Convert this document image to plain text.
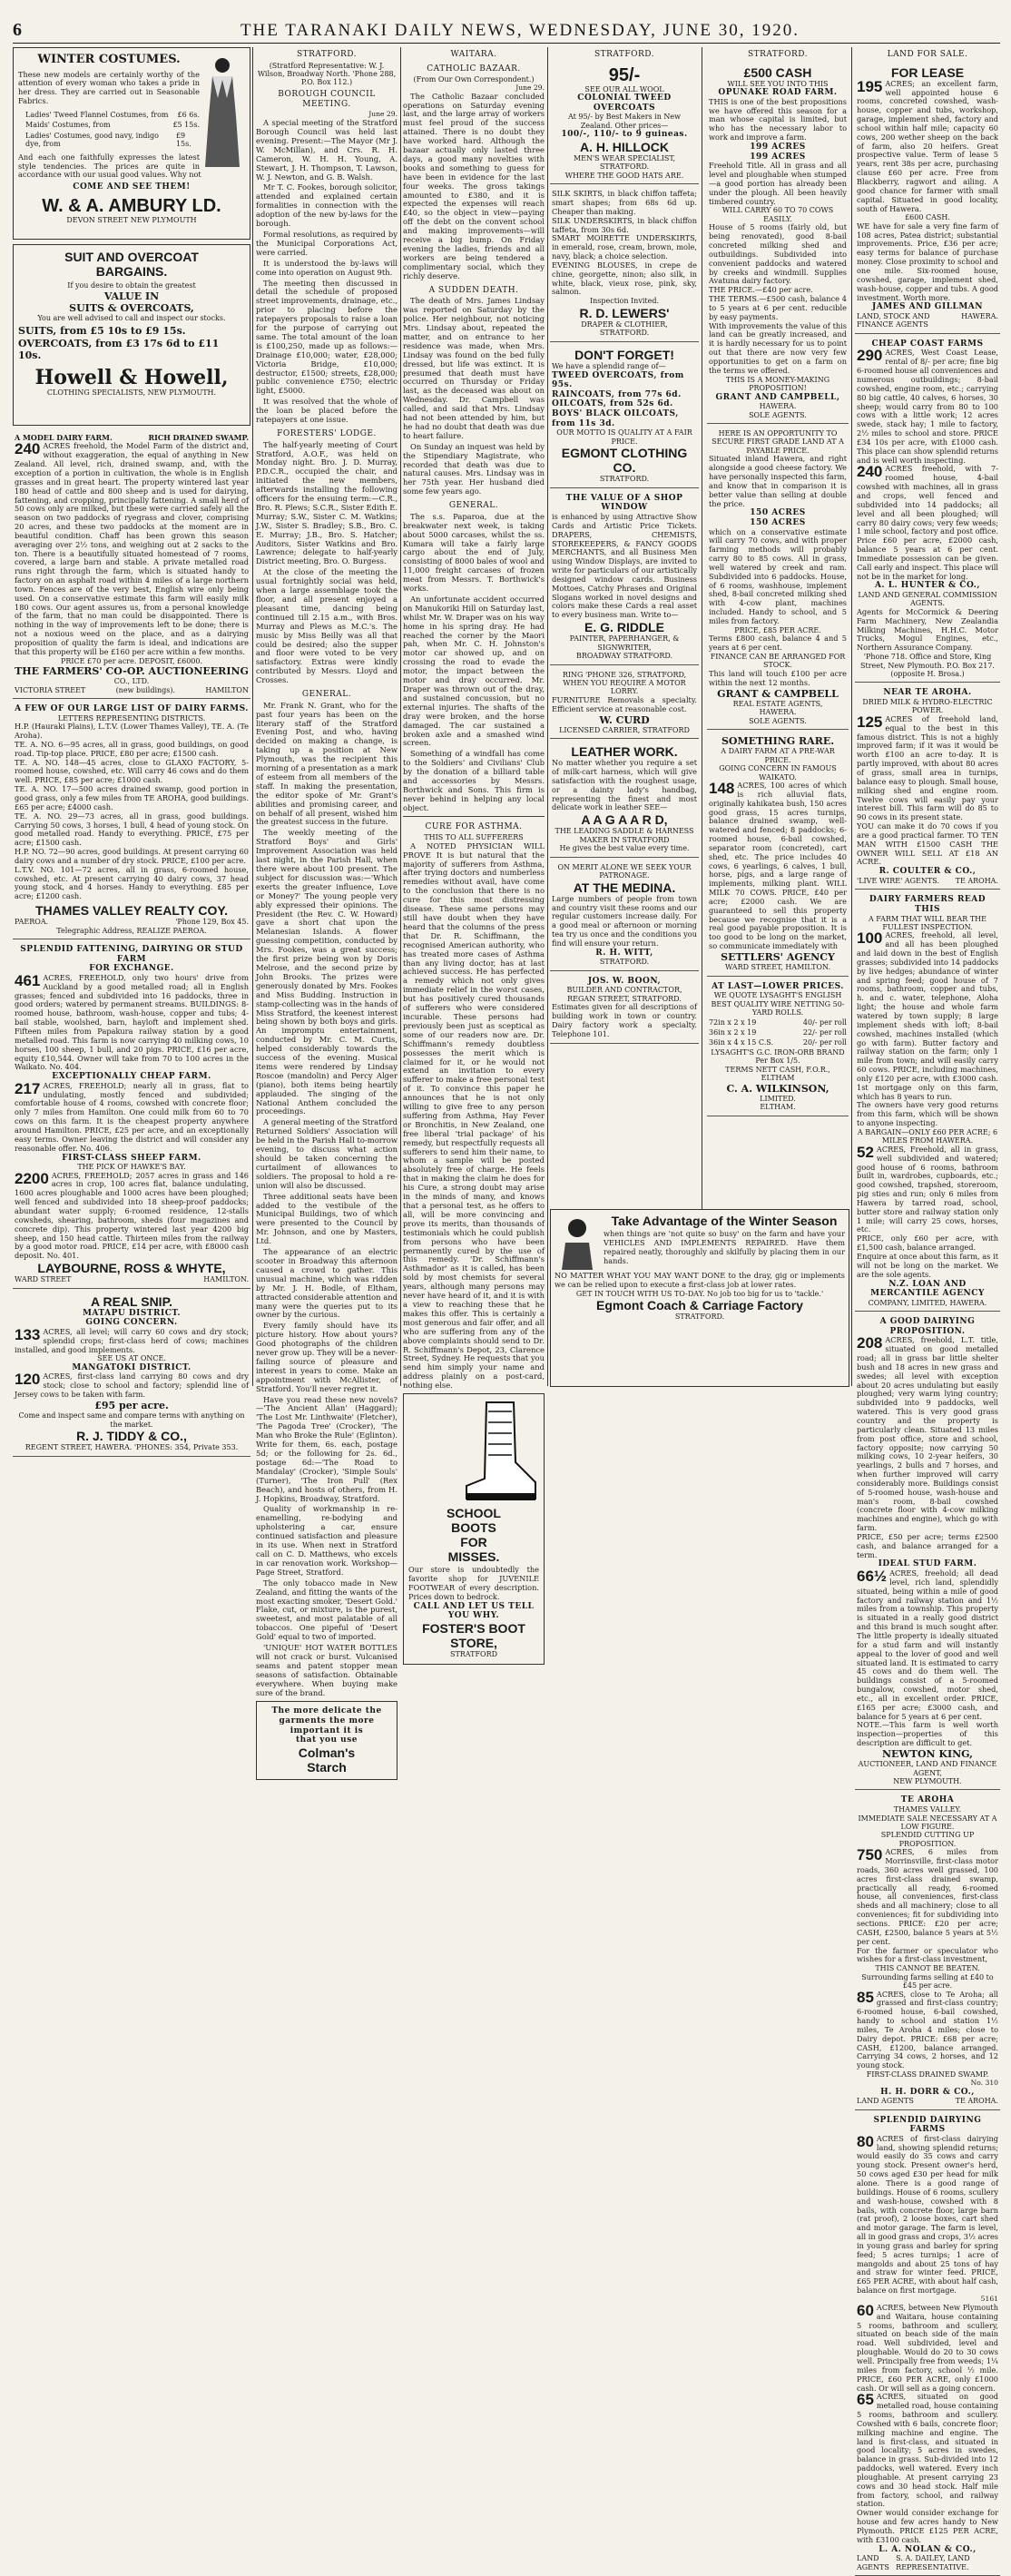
6	THE TARANAKI DAILY NEWS, WEDNESDAY, JUNE 30, 1920.
WINTER COSTUMES.
These new models are certainly worthy of the attention of every woman who takes a pride in her dress. They are carried out in Seasonable Fabrics.
Ladies' Tweed Flannel Costumes, from £6 6s.
Maids' Costumes, from	£5 15s.
Ladies' Costumes, good navy, indigo dye, from
£9 15s.
And each one faithfully expresses the latest style tendencies. The prices are quite in accordance with our usual good values. Why not
COME AND SEE THEM!
W. & A. AMBURY LD.
DEVON STREET NEW PLYMOUTH
SUIT AND OVERCOAT
BARGAINS.
If you desire to obtain the greatest
VALUE IN
SUITS & OVERCOATS,
You are well advised to call and inspect our stocks.
SUITS, from £5 10s to £9 15s.
OVERCOATS, from £3 17s 6d to £11 10s.
Howell & Howell,
CLOTHING SPECIALISTS, NEW PLYMOUTH.
A MODEL DAIRY FARM.	RICH DRAINED SWAMP.
240 ACRES freehold, the Model Farm of the district and, without exaggeration, the equal of anything in New Zealand. All level, rich, drained swamp, and, with the exception of a portion in cultivation, the whole is in English grasses and in great heart. The property wintered last year 180 head of cattle and 800 sheep and is used for dairying, fattening, and cropping, principally fattening. A small herd of 50 cows only are milked, but these were carried safely all the season on two paddocks of ryegrass and clover, comprising 20 acres, and these two paddocks at the moment are in beautiful condition. Chaff has been grown this season averaging over 2½ tons, and weighing out at 2 sacks to the ton. There is a beautifully situated homestead of 7 rooms, covered, a large barn and stable. A private metalled road runs right through the farm, which is situated handy to factory on an asphalt road within 4 miles of a large northern town. Fences are of the very best, English wire only being used. On a conservative estimate this farm will easily milk 180 cows. Our agent assures us, from a personal knowledge of the farm, that no man could be disappointed. There is nothing in the way of improvements left to be done; there is not a noxious weed on the place, and as a dairying proposition of quality the farm is ideal, and indications are that this property will be £160 per acre within a few months.
PRICE £70 per acre. DEPOSIT, £6000.
THE FARMERS' CO-OP. AUCTIONEERING
CO., LTD.
VICTORIA STREET	(new buildings).	HAMILTON
A FEW OF OUR LARGE LIST OF DAIRY FARMS.
LETTERS REPRESENTING DISTRICTS.
H.P. (Hauraki Plains), L.T.V. (Lower Thames Valley), TE. A. (Te Aroha).
TE. A. NO. 6—95 acres, all in grass, good buildings, on good road. Tip-top place. PRICE, £80 per acre; £1500 cash.
TE. A. NO. 148—45 acres, close to GLAXO FACTORY, 5-roomed house, cowshed, etc. Will carry 46 cows and do them well. PRICE, £85 per acre; £1000 cash.
TE. A. NO. 17—500 acres drained swamp, good portion in good grass, only a few miles from TE AROHA, good buildings. £65 per acre; £4000 cash.
TE. A. NO. 29—73 acres, all in grass, good buildings. Carrying 50 cows, 3 horses, 1 bull, 4 head of young stock. On good metalled road. Handy to everything. PRICE, £75 per acre; £1500 cash.
H.P. NO. 72—90 acres, good buildings. At present carrying 60 dairy cows and a number of dry stock. PRICE, £100 per acre.
L.T.V. NO. 101—72 acres, all in grass, 6-roomed house, cowshed, etc. At present carrying 40 dairy cows, 37 head young stock, and 4 horses. Handy to everything. £85 per acre; £1200 cash.
THAMES VALLEY REALTY COY.
PAEROA.	'Phone 129, Box 45.
Telegraphic Address, REALIZE PAEROA.
SPLENDID FATTENING, DAIRYING OR STUD FARM
FOR EXCHANGE.
461 ACRES, FREEHOLD, only two hours' drive from Auckland by a good metalled road; all in English grasses; fenced and subdivided into 16 paddocks, three in good orders; watered by permanent streams. BUILDINGS: 8-roomed house, bathroom, wash-house, copper and tubs; 4-bail stable, woolshed, barn, hayloft and implement shed. Fifteen miles from Papakura railway station by a good metalled road. This farm is now carrying 40 milking cows, 10 horses, 100 sheep, 1 bull, and 20 pigs. PRICE, £16 per acre, equity £10,544. Owner will take from 70 to 100 acres in the Waikato. No. 404.
EXCEPTIONALLY CHEAP FARM.
217 ACRES, FREEHOLD; nearly all in grass, flat to undulating, mostly fenced and subdivided; comfortable house of 4 rooms, cowshed with concrete floor; only 7 miles from Hamilton. One could milk from 60 to 70 cows on this farm. It is the cheapest property anywhere around Hamilton. PRICE, £25 per acre, and an exceptionally easy terms. Owner leaving the district and will consider any reasonable offer. No. 406.
FIRST-CLASS SHEEP FARM.
THE PICK OF HAWKE'S BAY.
2200 ACRES, FREEHOLD; 2057 acres in grass and 146 acres in crop, 100 acres flat, balance undulating, 1600 acres ploughable and 1000 acres have been ploughed; well fenced and subdivided into 18 sheep-proof paddocks; abundant water supply; 6-roomed residence, 12-stalls cowsheds, shearing, bathroom, sheds (four magazines and concrete dip). This property wintered last year 4200 big sheep, and 150 head cattle. Thirteen miles from the railway by a good motor road. PRICE, £14 per acre, with £8000 cash deposit. No. 401.
LAYBOURNE, ROSS & WHYTE,
WARD STREET	HAMILTON.
A REAL SNIP.
MATAPU DISTRICT.
GOING CONCERN.
133 ACRES, all level; will carry 60 cows and dry stock; splendid crops; first-class herd of cows; machines installed, and good implements.
SEE US AT ONCE.
MANGATOKI DISTRICT.
120 ACRES, first-class land carrying 80 cows and dry stock; close to school and factory; splendid line of Jersey cows to be taken with farm.
£95 per acre.
Come and inspect same and compare terms with anything on the market.
R. J. TIDDY & CO.,
REGENT STREET, HAWERA. 'PHONES: 354, Private 353.
STRATFORD.
(Stratford Representative: W. J. Wilson, Broadway North. 'Phone 288, P.O. Box 112.)
BOROUGH COUNCIL MEETING.
June 29.
A special meeting of the Stratford Borough Council was held last evening. Present:—The Mayor (Mr J. W. McMillan), and Crs. R. H. Cameron, W. H. H. Young, A. Stewart, J. H. Thompson, T. Lawson, W. J. Newton, and G. B. Walsh.
Mr T. C. Fookes, borough solicitor, attended and explained certain formalities in connection with the adoption of the new by-laws for the borough.
Formal resolutions, as required by the Municipal Corporations Act, were carried.
It is understood the by-laws will come into operation on August 9th.
The meeting then discussed in detail the schedule of proposed street improvements, drainage, etc., prior to placing before the ratepayers proposals to raise a loan for the purpose of carrying out same. The total amount of the loan is £100,250, made up as follows:—Drainage £10,000; water, £28,000; Victoria Bridge, £10,000; destructor, £1500; streets, £28,000; public convenience £750; electric light, £5000.
It was resolved that the whole of the loan be placed before the ratepayers at one issue.
FORESTERS' LODGE.
The half-yearly meeting of Court Stratford, A.O.F., was held on Monday night. Bro. J. D. Murray, P.D.C.R., occupied the chair, and initiated the new members, afterwards installing the following officers for the ensuing term:—C.R., Bro. R. Plews; S.C.R., Sister Edith E. Murray; S.W., Sister C. M. Watkins; J.W., Sister S. Bradley; S.B., Bro. C. E. Murray; J.B., Bro. S. Hatcher; Auditors, Sister Watkins and Bro. Lawrence; delegate to half-yearly District meeting, Bro. O. Burgess.
At the close of the meeting the usual fortnightly social was held, when a large assemblage took the floor, and all present enjoyed a pleasant time, dancing being continued till 2.15 a.m., with Bros. Murray and Plews as M.C.'s. The music by Miss Beilly was all that could be desired; also the supper and floor were voted to be very satisfactory. Extras were kindly contributed by Messrs. Lloyd and Crosses.
GENERAL.
Mr. Frank N. Grant, who for the past four years has been on the literary staff of the Stratford Evening Post, and who, having decided on making a change, is taking up a position at New Plymouth, was the recipient this morning of a presentation as a mark of esteem from all members of the staff. In making the presentation, the editor spoke of Mr. Grant's abilities and promising career, and on behalf of all present, wished him the greatest success in the future.
The weekly meeting of the Stratford Boys' and Girls' Improvement Association was held last night, in the Parish Hall, when there were about 100 present. The subject for discussion was:—'Which exerts the greater influence, Love or Money?' The young people very ably expressed their opinions. The President (the Rev. C. W. Howard) gave a short chat upon the Melanesian Islands. A flower guessing competition, conducted by Mrs. Fookes, was a great success; the first prize being won by Doris Melrose, and the second prize by John Brooks. The prizes were generously donated by Mrs. Fookes and Miss Budding. Instruction in stamp-collecting was in the hands of Miss Stratford, the keenest interest being shown by both boys and girls. An impromptu entertainment, conducted by Mr. C. M. Curtis, helped considerably towards the success of the evening. Musical items were rendered by Lindsay Roscoe (mandolin) and Percy Alger (piano), both items being heartily applauded. The singing of the National Anthem concluded the proceedings.
A general meeting of the Stratford Returned Soldiers' Association will be held in the Parish Hall to-morrow evening, to discuss what action should be taken concerning the curtailment of allowances to soldiers. The proposal to hold a re-union will also be discussed.
Three additional seats have been added to the vestibule of the Municipal Buildings, two of which were presented to the Council by Mr. Johnson, and one by Masters, Ltd.
The appearance of an electric scooter in Broadway this afternoon caused a crowd to gather. This unusual machine, which was ridden by Mr. J. H. Bodle, of Eltham, attracted considerable attention and many were the queries put to its owner by the curious.
Every family should have its picture history. How about yours? Good photographs of the children never grow up. They will be a never-failing source of pleasure and interest in years to come. Make an appointment with McAllister, of Stratford. You'll never regret it.
Have you read these new novels?—'The Ancient Allan' (Haggard); 'The Lost Mr. Linthwaite' (Fletcher), 'The Pagoda Tree' (Crocker), 'The Man who Broke the Rule' (Eglinton). Write for them, 6s. each, postage 5d; or the following for 2s. 6d., postage 6d:—'The Road to Mandalay' (Crocker), 'Simple Souls' (Turner), 'The Iron Pull' (Rex Beach), and hosts of others, from H. J. Hopkins, Broadway, Stratford.
Quality of workmanship in re-enamelling, re-bodying and upholstering a car, ensure continued satisfaction and pleasure in its use. When next in Stratford call on C. D. Matthews, who excels in car renovation work. Workshop—Page Street, Stratford.
The only tobacco made in New Zealand, and fitting the wants of the most exacting smoker, 'Desert Gold.' Flake, cut, or mixture, is the purest, sweetest, and most palatable of all tobaccos. One pipeful of 'Desert Gold' equal to two of imported.
'UNIQUE' HOT WATER BOTTLES will not crack or burst. Vulcanised seams and patent stopper mean seasons of satisfaction. Obtainable everywhere. When buying make sure of the brand.
The more delicate the
garments the more
important it is
that you use
Colman's
Starch
WAITARA.
CATHOLIC BAZAAR.
(From Our Own Correspondent.)
June 29.
The Catholic Bazaar concluded operations on Saturday evening last, and the large array of workers must feel proud of the success attained. There is no doubt they have worked hard. Although the bazaar actually only lasted three days, a good many novelties with books and something to guess for have been in evidence for the last four weeks. The gross takings amounted to £380, and it is expected the expenses will reach £40, so the object in view—paying off the debt on the convent school and making improvements—will receive a big bump. On Friday evening the ladies, friends and all workers are being tendered a complimentary social, which they richly deserve.
A SUDDEN DEATH.
The death of Mrs. James Lindsay was reported on Saturday by the police. Her neighbour, not noticing Mrs. Lindsay about, repeated the matter, and on entrance to her residence was made, when Mrs. Lindsay was found on the bed fully dressed, but life was extinct. It is presumed that death must have occurred on Thursday or Friday last, as the deceased was about on Wednesday. Dr. Campbell was called, and said that Mrs. Lindsay had not been attended by him, but he had no doubt that death was due to heart failure.
On Sunday an inquest was held by the Stipendiary Magistrate, who recorded that death was due to natural causes. Mrs. Lindsay was in her 75th year. Her husband died some few years ago.
GENERAL.
The s.s. Paparoa, due at the breakwater next week, is taking about 5000 carcases, whilst the ss. Kumara will take a fairly large cargo about the end of July, consisting of 8000 bales of wool and 11,000 freight carcases of frozen meat from Messrs. T. Borthwick's works.
An unfortunate accident occurred on Manukoriki Hill on Saturday last, whilst Mr. W. Draper was on his way home in his spring dray. He had reached the corner by the Maori pah, when Mr. C. H. Johnston's motor car showed up, and on crossing the road to evade the motor, the impact between the motor and dray occurred. Mr. Draper was thrown out of the dray, and sustained concussion, but no external injuries. The shafts of the dray were broken, and the horse damaged. The car sustained a broken axle and a smashed wind screen.
Something of a windfall has come to the Soldiers' and Civilians' Club by the donation of a billiard table and accessories by Messrs. Borthwick and Sons. This firm is never behind in helping any local object.
CURE FOR ASTHMA.
THIS TO ALL SUFFERERS
A NOTED PHYSICIAN WILL PROVE It is but natural that the majority of sufferers from Asthma, after trying doctors and numberless remedies without avail, have come to the conclusion that there is no cure for this most distressing disease. These same persons may still have doubt when they have heard that the columns of the press that Dr. R. Schiffmann, the recognised American authority, who has treated more cases of Asthma than any living doctor, has at last achieved success. He has perfected a remedy which not only gives immediate relief in the worst cases, but has positively cured thousands of sufferers who were considered incurable. These persons had previously been just as sceptical as some of our readers now are. Dr. Schiffmann's remedy doubtless possesses the merit which is claimed for it, or he would not extend an invitation to every sufferer to make a free personal test of it. To convince this paper he announces that he is not only willing to give free to any person suffering from Asthma, Hay Fever or Bronchitis, in New Zealand, one free liberal 'trial package' of his remedy, but respectfully requests all sufferers to send him their name, to whom a sample will be posted absolutely free of charge. He feels that in making the claim he does for his Cure, a strong doubt may arise in the minds of many, and knows that a personal test, as he offers to all, will be more convincing and prove its merits, than thousands of testimonials which he could publish from persons who have been permanently cured by the use of this remedy. 'Dr. Schiffmann's Asthmador' as it is called, has been sold by most chemists for several years, although many persons may never have heard of it, and it is with a view to reaching these that he makes this offer. This is certainly a most generous and fair offer, and all who are suffering from any of the above complaints should send to Dr. R. Schiffmann's Depot, 23, Clarence Street, Sydney. He requests that you send him simply your name and address plainly on a post-card, nothing else.
SCHOOL
BOOTS
FOR
MISSES.
Our store is undoubtedly the favorite shop for JUVENILE FOOTWEAR of every description. Prices down to bedrock.
CALL AND LET US TELL YOU WHY.
FOSTER'S BOOT STORE,
STRATFORD
STRATFORD.
95/-
SEE OUR ALL WOOL
COLONIAL TWEED OVERCOATS
At 95/- by Best Makers in New Zealand. Other prices—
100/-, 110/- to 9 guineas.
A. H. HILLOCK
MEN'S WEAR SPECIALIST,
STRATFORD.
WHERE THE GOOD HATS ARE.
SILK SKIRTS, in black chiffon taffeta; smart shapes; from 68s 6d up. Cheaper than making.
SILK UNDERSKIRTS, in black chiffon taffeta, from 30s 6d.
SMART MOIRETTE UNDERSKIRTS, in emerald, rose, cream, brown, mole, navy, black; a choice selection.
EVENING BLOUSES, in crepe de chine, georgette, ninon; also silk, in white, black, vieux rose, pink, sky, salmon.
Inspection Invited.
R. D. LEWERS'
DRAPER & CLOTHIER,
STRATFORD.
DON'T FORGET!
We have a splendid range of—
TWEED OVERCOATS, from 95s.
RAINCOATS, from 77s 6d.
OILCOATS, from 52s 6d.
BOYS' BLACK OILCOATS, from 11s 3d.
OUR MOTTO IS QUALITY AT A FAIR PRICE.
EGMONT CLOTHING CO.
STRATFORD.
THE VALUE OF A SHOP WINDOW
is enhanced by using Attractive Show Cards and Artistic Price Tickets. DRAPERS, CHEMISTS, STOREKEEPERS, & FANCY GOODS MERCHANTS, and all Business Men using Window Displays, are invited to write for particulars of our artistically designed window cards. Business Mottoes, Catchy Phrases and Original Slogans worked in novel designs and colors make these Cards a real asset to every business man. Write to—
E. G. RIDDLE
PAINTER, PAPERHANGER, & SIGNWRITER,
BROADWAY STRATFORD.
RING 'PHONE 326, STRATFORD, WHEN YOU REQUIRE A MOTOR LORRY.
FURNITURE Removals a specialty. Efficient service at reasonable cost.
W. CURD
LICENSED CARRIER, STRATFORD
LEATHER WORK.
No matter whether you require a set of milk-cart harness, which will give satisfaction with the roughest usage, or a dainty lady's handbag, representing the finest and most delicate work in leather SEE—
A A G A A R D,
THE LEADING SADDLE & HARNESS MAKER IN STRATFORD
He gives the best value every time.
ON MERIT ALONE WE SEEK YOUR PATRONAGE.
AT THE MEDINA.
Large numbers of people from town and country visit these rooms and our regular customers increase daily. For a good meal or afternoon or morning tea try us once and the conditions you find will ensure your return.
R. H. WITT,
STRATFORD.
JOS. W. BOON,
BUILDER AND CONTRACTOR, REGAN STREET, STRATFORD.
Estimates given for all descriptions of building work in town or country. Dairy factory work a specialty. Telephone 101.
Take Advantage of the Winter Season
when things are 'not quite so busy' on the farm and have your VEHICLES AND IMPLEMENTS REPAIRED. Have them repaired neatly, thoroughly and skilfully by placing them in our hands.
NO MATTER WHAT YOU MAY WANT DONE to the dray, gig or implements we can be relied upon to execute a first-class job at lower rates.
GET IN TOUCH WITH US TO-DAY. No job too big for us to 'tackle.'
Egmont Coach & Carriage Factory
STRATFORD.
STRATFORD.
£500 CASH
WILL SEE YOU INTO THIS
OPUNAKE ROAD FARM.
THIS is one of the best propositions we have offered this season for a man whose capital is limited, but who has the necessary labor to work and improve a farm.
199 ACRES
199 ACRES
Freehold Title. All in grass and all level and ploughable when stumped—a good portion has already been under the plough. All been heavily timbered country.
WILL CARRY 60 TO 70 COWS EASILY.
House of 5 rooms (fairly old, but being renovated), good 8-bail concreted milking shed and outbuildings. Subdivided into convenient paddocks and watered by creeks and windmill. Supplies Avatuna dairy factory.
THE PRICE.—£40 per acre.
THE TERMS.—£500 cash, balance 4 to 5 years at 6 per cent. reducible by easy payments.
With improvements the value of this land can be greatly increased, and it is hardly necessary for us to point out that there are now very few opportunities to get on a farm on the terms we offered.
THIS IS A MONEY-MAKING PROPOSITION!
GRANT AND CAMPBELL,
HAWERA.
SOLE AGENTS.
HERE IS AN OPPORTUNITY TO SECURE FIRST GRADE LAND AT A PAYABLE PRICE.
Situated inland Hawera, and right alongside a good cheese factory. We have personally inspected this farm, and know that in comparison it is better value than selling at double the price.
150 ACRES
150 ACRES
which on a conservative estimate will carry 70 cows, and with proper farming methods will probably carry 80 to 85 cows. All in grass, well watered by creek and ram. Subdivided into 6 paddocks. House, of 6 rooms, washhouse, implement shed, 8-bail concreted milking shed with 4-cow plant, machines included. Handy to school, and 5 miles from factory.
PRICE, £85 PER ACRE.
Terms £800 cash, balance 4 and 5 years at 6 per cent.
FINANCE CAN BE ARRANGED FOR STOCK.
This land will touch £100 per acre within the next 12 months.
GRANT & CAMPBELL
REAL ESTATE AGENTS,
HAWERA.
SOLE AGENTS.
SOMETHING RARE.
A DAIRY FARM AT A PRE-WAR PRICE.
GOING CONCERN IN FAMOUS WAIKATO.
148 ACRES, 100 acres of which is rich alluvial flats, originally kahikatea bush, 150 acres good grass, 15 acres turnips, balance drained swamp, well-watered and fenced; 8 paddocks; 6-roomed house, 6-bail cowshed, separator room (concreted), cart shed, etc. The price includes 40 cows, 6 yearlings, 6 calves, 1 bull, horse, pigs, and a large range of implements, milking plant. WILL MILK 70 COWS. PRICE, £40 per acre; £2000 cash. We are guaranteed to sell this property because we recognise that it is a real good payable proposition. It is too good to be long on the market, so communicate immediately with
SETTLERS' AGENCY
WARD STREET, HAMILTON.
AT LAST—LOWER PRICES.
WE QUOTE LYSAGHT'S ENGLISH BEST QUALITY WIRE NETTING 50-YARD ROLLS.
72in x 2 x 19	40/- per roll
36in x 2 x 19	22/- per roll
36in x 4 x 15 C.S.	20/- per roll
LYSAGHT'S G.C. IRON-ORB BRAND
Per Box 1/5.
TERMS NETT CASH, F.O.R., ELTHAM
C. A. WILKINSON,
LIMITED.
ELTHAM.
LAND FOR SALE.
FOR LEASE
195 ACRES; an excellent farm, well appointed house 6 rooms, concreted cowshed, wash-house, copper and tubs, workshop, garage, implement shed, factory and school within half mile; capacity 60 cows, 200 wether sheep on the back of farm, also 20 heifers. Great prospective value. Term of lease 5 years, rent 38s per acre, purchasing clause £60 per acre. Free from Blackberry, ragwort and ailing. A good chance for farmer with small capital. Situated in good locality, south of Hawera.
£600 CASH.
WE have for sale a very fine farm of 108 acres, Patea district; substantial improvements. Price, £36 per acre; easy terms for balance of purchase money. Close proximity to school and one mile. Six-roomed house, cowshed, garage, implement shed, wash-house, copper and tubs. A good investment. Worth more.
JAMES AND GILLMAN
LAND, STOCK AND FINANCE AGENTS
HAWERA.
CHEAP COAST FARMS
290 ACRES, West Coast Lease, rental of 8/- per acre; fine big 6-roomed house all conveniences and numerous outbuildings; 8-bail cowshed, engine room, etc.; carrying 80 big cattle, 40 calves, 6 horses, 30 sheep; would carry from 80 to 100 cows with a little work; 12 acres swede, stack hay; 1 mile to factory, 2½ miles to school and store. PRICE £34 10s per acre, with £1000 cash. This place can show splendid returns and is well worth inspecting.
240 ACRES freehold, with 7-roomed house, 4-bail cowshed with machines, all in grass and crops, well fenced and subdivided into 14 paddocks; all level and all been ploughed; will carry 80 dairy cows; very few weeds; 1 mile school, factory and post office. Price £60 per acre, £2000 cash, balance 5 years at 6 per cent. Immediate possession can be given. Call early and inspect. This place will not be in the market for long.
A. L. HUNTER & CO.,
LAND AND GENERAL COMMISSION AGENTS.
Agents for McCormick & Deering Farm Machinery, New Zealandia Milking Machines, H.H.C. Motor Trucks, Mogul Engines, etc., Northern Assurance Company.
'Phone 718. Office and Store, King Street, New Plymouth. P.O. Box 217.
(opposite H. Brosa.)
NEAR TE AROHA.
DRIED MILK & HYDRO-ELECTRIC POWER.
125 ACRES of freehold land, equal to the best in this famous district. This is not a highly improved farm; if it was it would be worth £100 an acre to-day. It is partly improved, with about 80 acres of grass, small area in turnips, balance easy to plough. Small house, milking shed and engine room. Twelve cows will easily pay your interest bill. This farm will do 85 to 90 cows in its present state.
YOU can make it do 70 cows if you are a good practical farmer. TO TEN MAN WITH £1500 CASH THE OWNER WILL SELL AT £18 AN ACRE.
R. COULTER & CO.,
'LIVE WIRE' AGENTS. TE AROHA.
DAIRY FARMERS READ THIS
A FARM THAT WILL BEAR THE FULLEST INSPECTION.
100 ACRES, freehold, all level, and all has been ploughed and laid down in the best of English grasses; subdivided into 14 paddocks by live hedges; abundance of winter and spring feed; good house of 7 rooms, bathroom, copper and tubs, h. and c. water, telephone, Aloha light; the house and whole farm watered by town supply; 8 large implement sheds with loft; 8-bail cowshed, machines installed (which go with farm). Butter factory and railway station on the farm; only 1 mile from town; and will easily carry 60 cows. PRICE, including machines, only £120 per acre, with £3000 cash. 1st mortgage only on this farm, which has 8 years to run.
The owners have very good returns from this farm, which will be shown to anyone inspecting.
A BARGAIN—ONLY £60 PER ACRE; 6 MILES FROM HAWERA.
52 ACRES, Freehold, all in grass, well subdivided and watered; good house of 6 rooms, bathroom built in, wardrobes, cupboards, etc.; good cowshed, trapshed, storeroom, pig sties and run; only 6 miles from Hawera by tarred road, school, butter store and railway station only 1 mile; will carry 25 cows, horses, etc.
PRICE, only £60 per acre, with £1,500 cash, balance arranged.
Enquire at once about this farm, as it will not be long on the market. We are the sole agents.
N.Z. LOAN AND MERCANTILE AGENCY
COMPANY, LIMITED, HAWERA.
A GOOD DAIRYING PROPOSITION.
208 ACRES, freehold, L.T. title, situated on good metalled road; all in grass bar little shelter bush and 18 acres in new grass and swedes; all level with exception about 20 acres undulating but easily ploughed; very warm lying country; subdivided into 9 paddocks, well watered. This is very good grass country and the property is particularly clean. Situated 13 miles from post office, store and school, factory opposite; now carrying 50 milking cows, 10 2-year heifers, 30 yearlings, 2 bulls and 7 horses, and when further improved will carry considerably more. Buildings consist of 5-roomed house, wash-house and man's room, 8-bail cowshed (concrete floor with 4-cow milking machines and engine), which go with farm.
PRICE, £50 per acre; terms £2500 cash, and balance arranged for a term.
IDEAL STUD FARM.
66½ ACRES, freehold; all dead level, rich land, splendidly situated, being within a mile of good factory and railway station and 1½ miles from a township. This property is situated in a really good district and this brand is much sought after. The little property is ideally situated for a stud farm and will instantly appeal to the lover of good and well situated land. It is estimated to carry 45 cows and do them well. The buildings consist of a 5-roomed bungalow, cowshed, motor shed, etc., all in excellent order. PRICE, £165 per acre; £3000 cash, and balance for 5 years at 6 per cent.
NOTE.—This farm is well worth inspection—properties of this description are difficult to get.
NEWTON KING,
AUCTIONEER, LAND AND FINANCE AGENT,
NEW PLYMOUTH.
TE AROHA
THAMES VALLEY.
IMMEDIATE SALE NECESSARY AT A LOW FIGURE.
SPLENDID CUTTING UP PROPOSITION.
750 ACRES, 6 miles from Morrinsville, first-class motor roads, 360 acres well grassed, 100 acres first-class drained swamp, practically all ready, 6-roomed house, all conveniences, first-class sheds and all machinery; close to all conveniences; fit for subdividing into sections. PRICE: £20 per acre; CASH, £2500, balance 5 years at 5½ per cent.
For the farmer or speculator who wishes for a first-class investment,
THIS CANNOT BE BEATEN.
Surrounding farms selling at £40 to £45 per acre.
85 ACRES, close to Te Aroha; all grassed and first-class country; 6-roomed house, 6-bail cowshed, handy to school and station 1½ miles, Te Aroha 4 miles; close to Dairy depot. PRICE: £68 per acre; CASH, £1200, balance arranged. Carrying 34 cows, 2 horses, and 12 young stock.
FIRST-CLASS DRAINED SWAMP.
No. 310
H. H. DORR & CO.,
LAND AGENTS	TE AROHA.
SPLENDID DAIRYING FARMS
80 ACRES of first-class dairying land, showing splendid returns; would easily do 35 cows and carry young stock. Present owner's herd, 50 cows aged £30 per head for milk alone. There is a good range of buildings. House of 6 rooms, scullery and wash-house, cowshed with 8 bails, with concrete floor, large barn (rat proof), 2 loose boxes, cart shed and motor garage. The farm is level, all in good grass and crops, 3½ acres in young grass and barley for spring feed; 5 acres turnips; 1 acre of mangolds and about 25 tons of hay and straw for winter feed. PRICE, £65 PER ACRE, with about half cash, balance on first mortgage.
5161
60 ACRES, between New Plymouth and Waitara, house containing 5 rooms, bathroom and scullery, situated on beach side of the main road. Well subdivided, level and ploughable. Would do 20 to 30 cows well. Principally free from weeds; 1¼ miles from factory, school ½ mile. PRICE, £60 PER ACRE, only £1000 cash. Or will sell as a going concern.
65 ACRES, situated on good metalled road, house containing 5 rooms, bathroom and scullery. Cowshed with 6 bails, concrete floor; milking machine and engine. The land is first-class, and situated in good locality; 5 acres in swedes, balance in grass. Sub-divided into 12 paddocks, well watered. Every inch ploughable. At present carrying 23 cows and 30 head stock. Half mile from factory, school, and railway station.
Owner would consider exchange for house and few acres handy to New Plymouth. PRICE £125 PER ACRE, with £3100 cash.
L. A. NOLAN & CO.,
LAND AGENTS
S. A. DAILEY, LAND REPRESENTATIVE.
